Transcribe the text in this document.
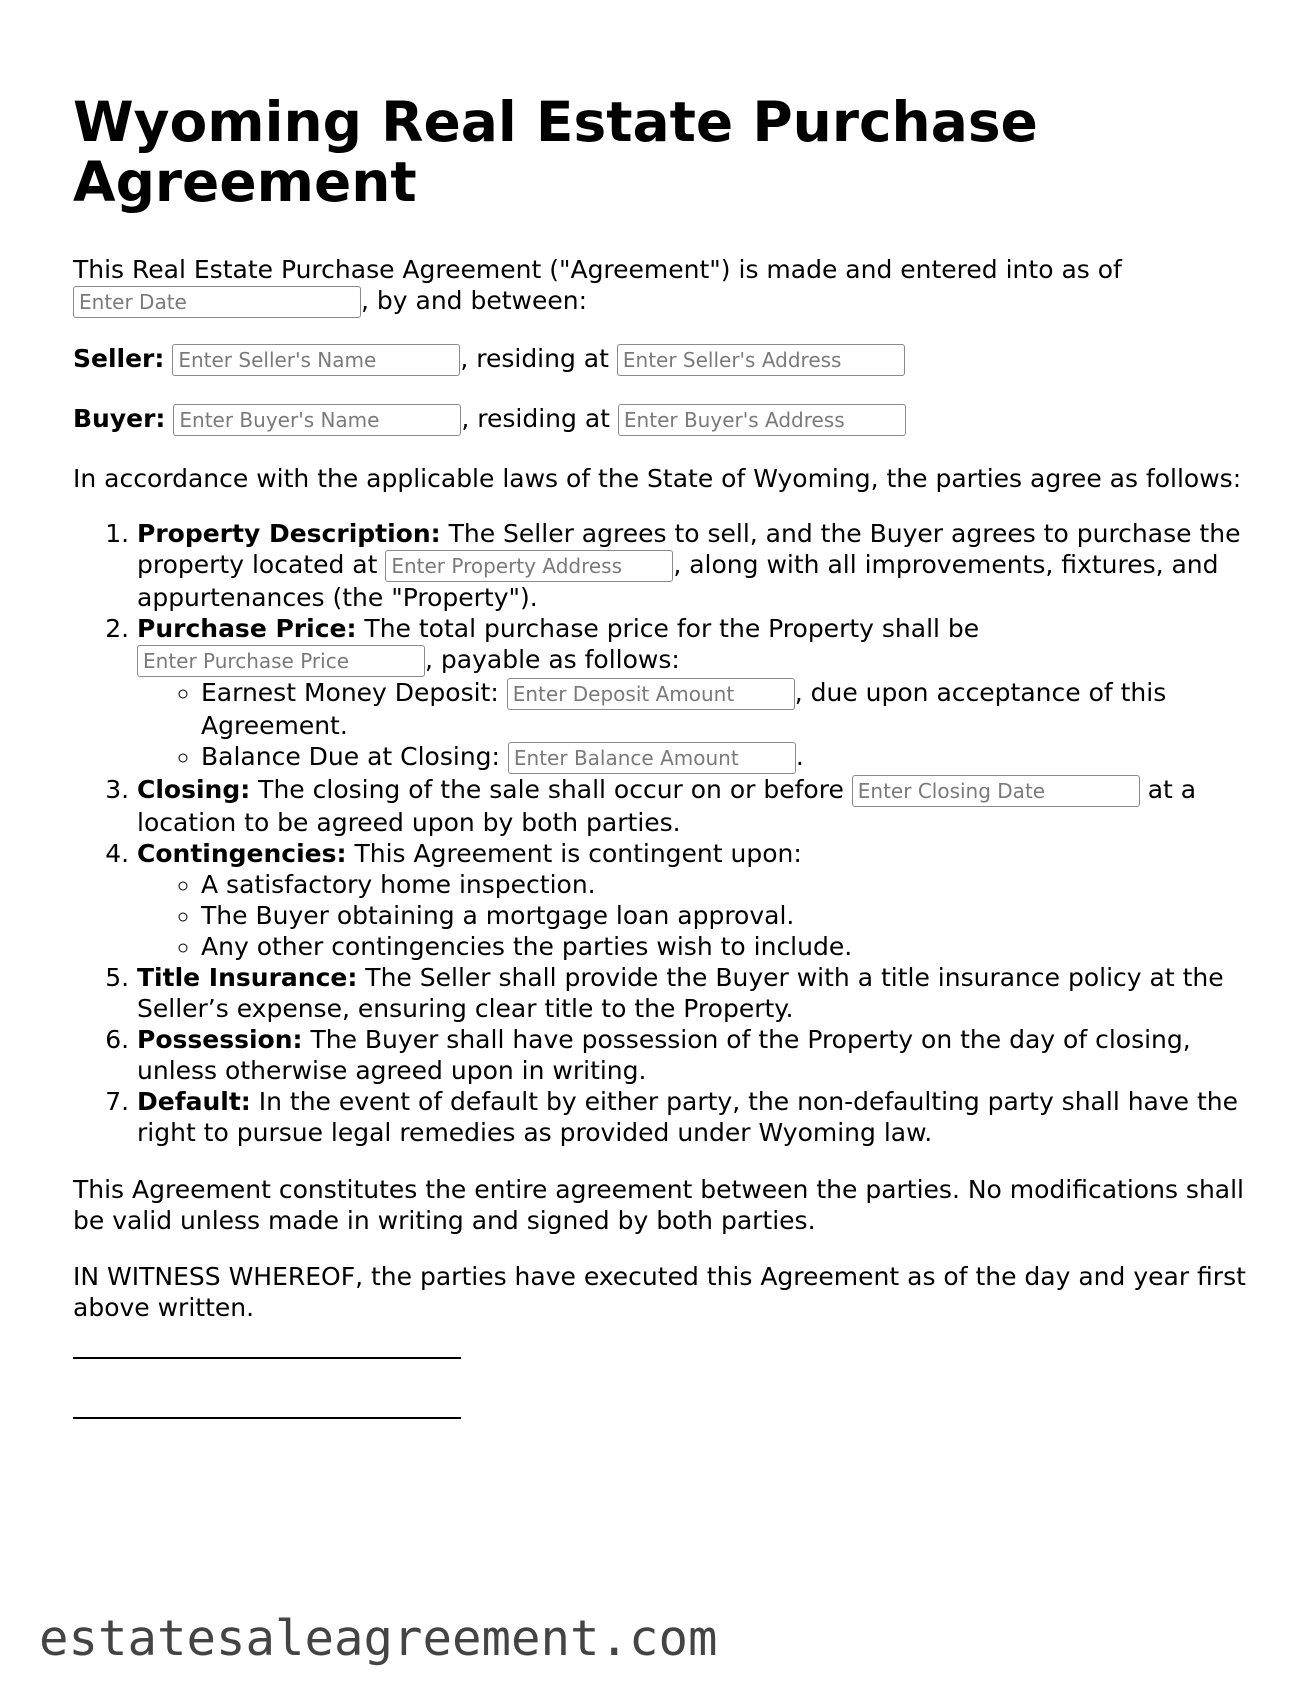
Wyoming Real Estate Purchase Agreement

This Real Estate Purchase Agreement ("Agreement") is made and entered into as of Enter Date, by and between:

Seller: Enter Seller's Name	, residing at Enter Seller's Address

Buyer: Enter Buyer's Name	, residing at Enter Buyer's Address

In accordance with the applicable laws of the State of Wyoming, the parties agree as follows:

1. Property Description: The Seller agrees to sell, and the Buyer agrees to purchase the property located at Enter Property Address	, along with all improvements, fixtures, and appurtenances (the "Property").
2. Purchase Price: The total purchase price for the Property shall be Enter Purchase Price, payable as follows:
◦ Earnest Money Deposit: Enter Deposit Amount	, due upon acceptance of this Agreement.
◦ Balance Due at Closing: Enter Balance Amount	.
3. Closing: The closing of the sale shall occur on or before Enter Closing Date	at a location to be agreed upon by both parties.
4. Contingencies: This Agreement is contingent upon:
◦ A satisfactory home inspection.
◦ The Buyer obtaining a mortgage loan approval.
◦ Any other contingencies the parties wish to include.
5. Title Insurance: The Seller shall provide the Buyer with a title insurance policy at the Seller’s expense, ensuring clear title to the Property.
6. Possession: The Buyer shall have possession of the Property on the day of closing, unless otherwise agreed upon in writing.
7. Default: In the event of default by either party, the non-defaulting party shall have the right to pursue legal remedies as provided under Wyoming law.

This Agreement constitutes the entire agreement between the parties. No modifications shall be valid unless made in writing and signed by both parties.

IN WITNESS WHEREOF, the parties have executed this Agreement as of the day and year first above written.

estatesaleagreement.com
